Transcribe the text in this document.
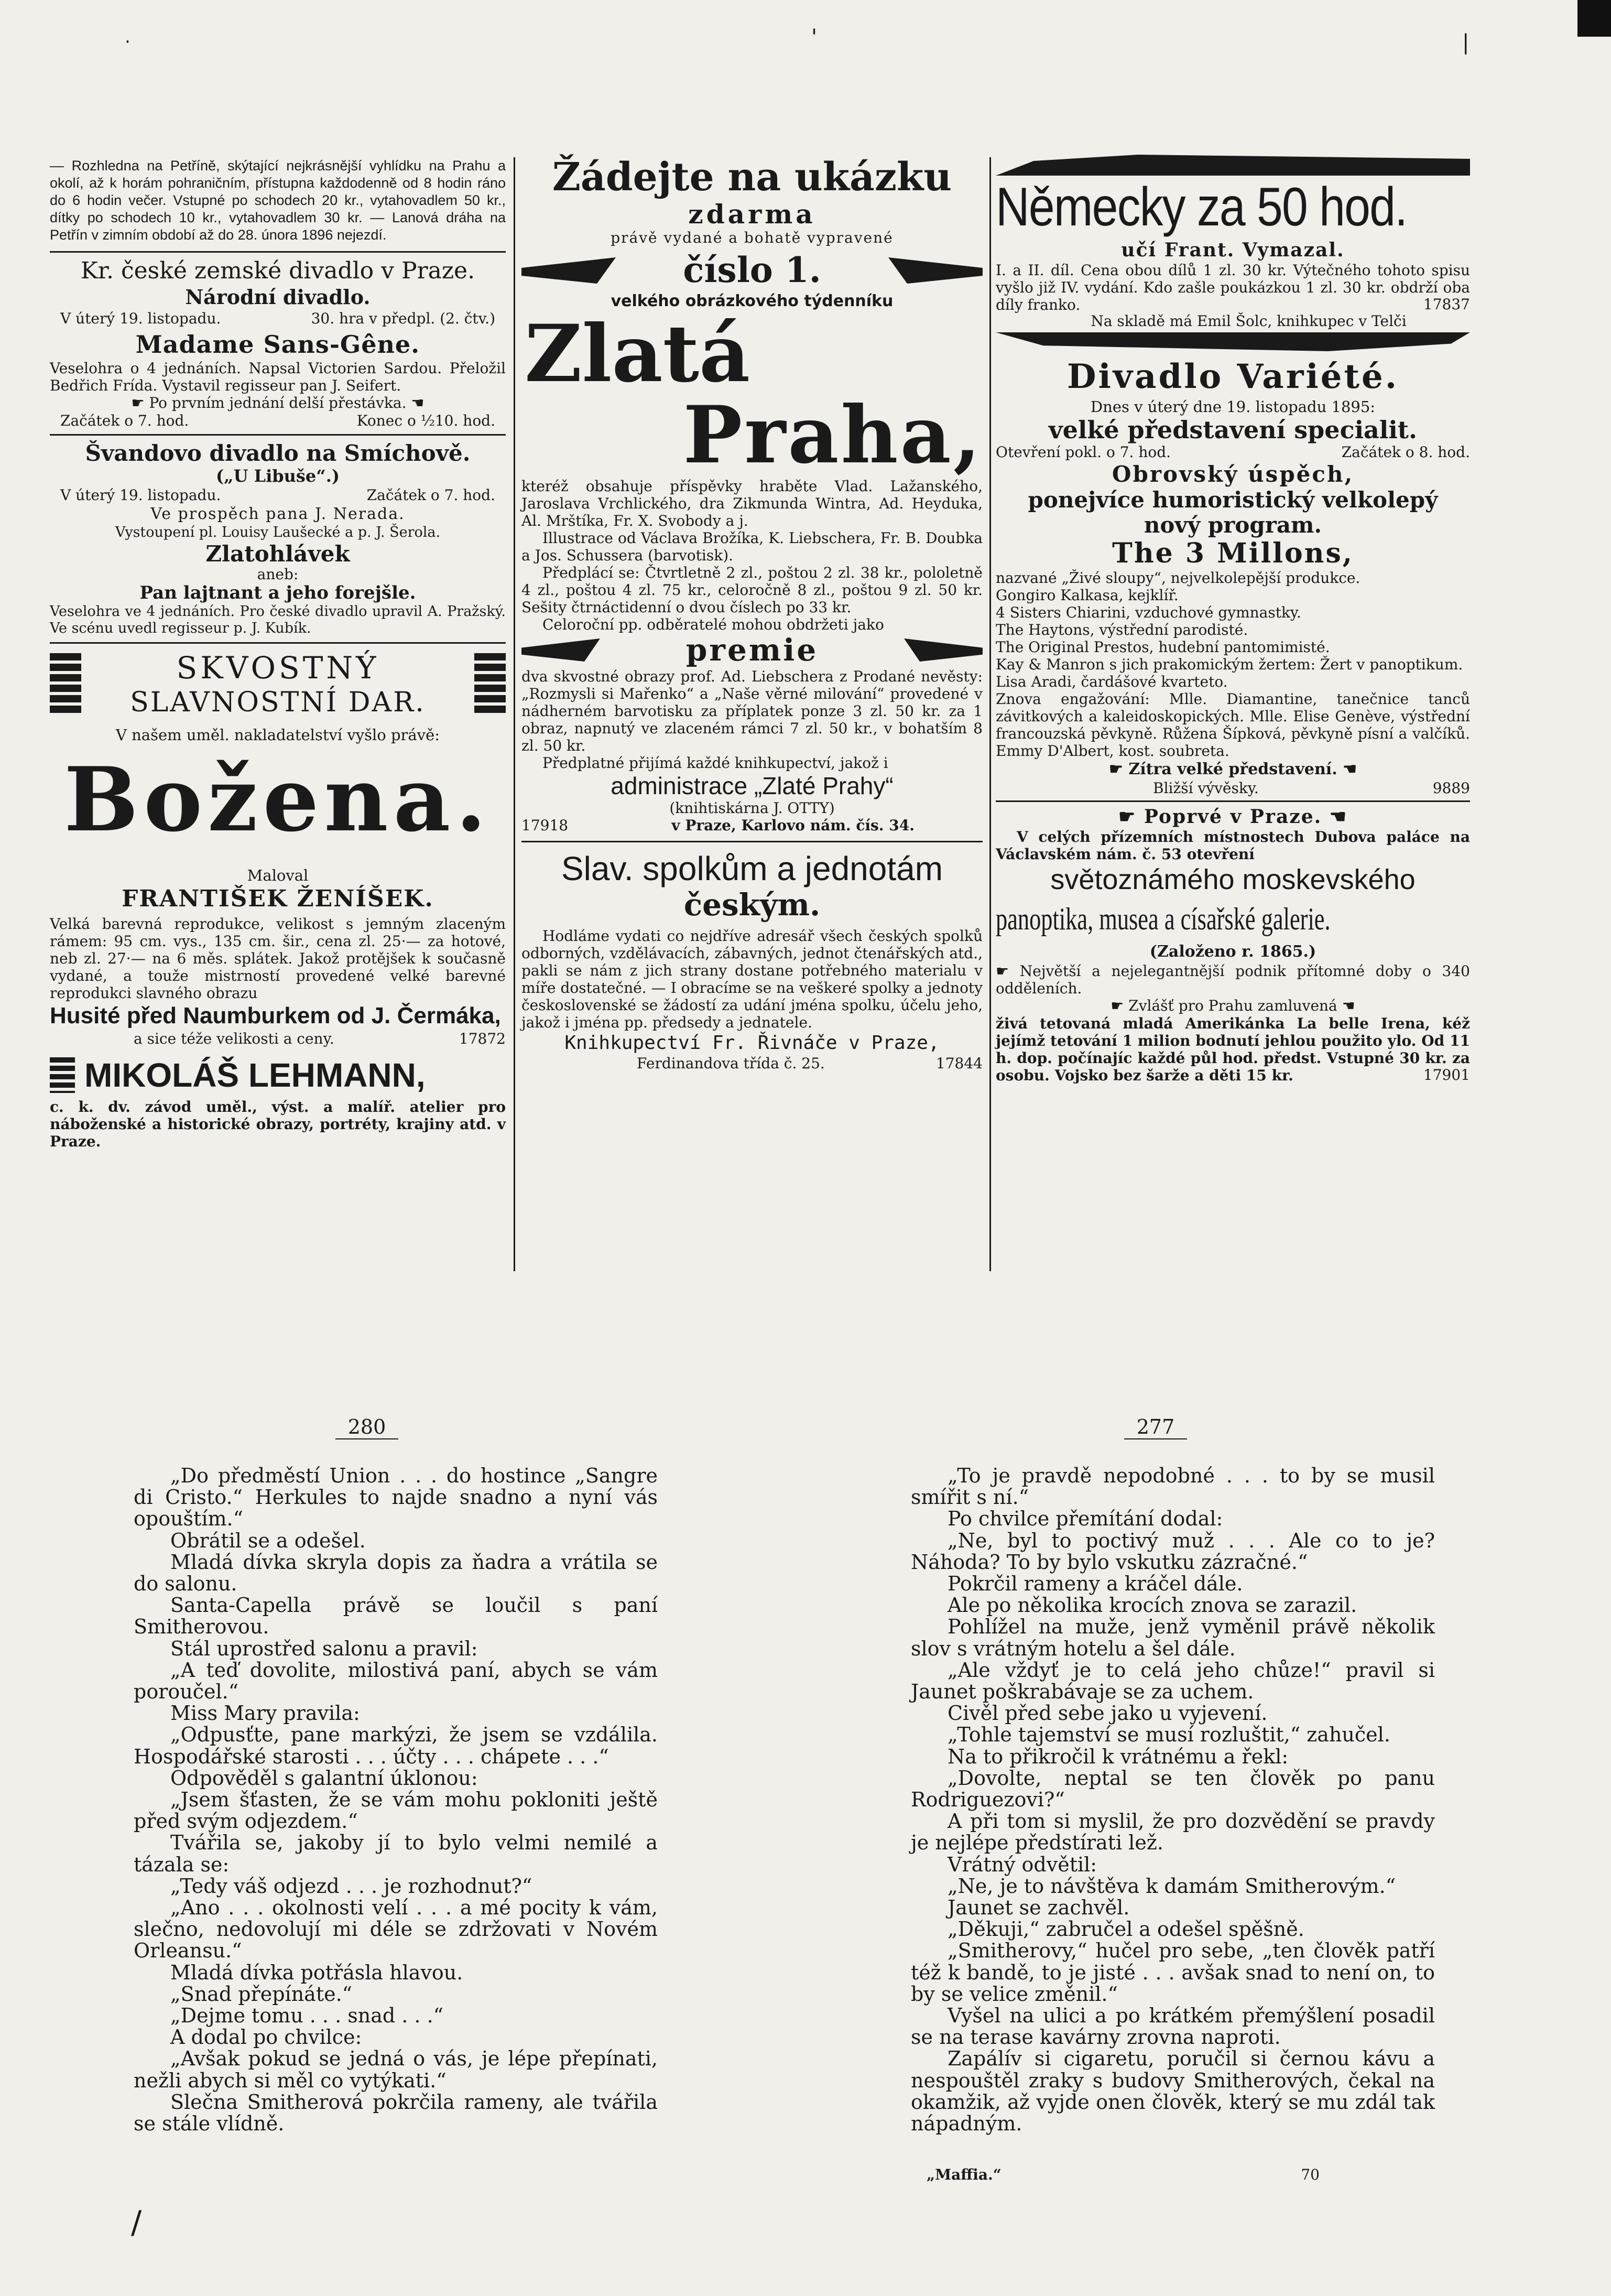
·	'	|
/

— Rozhledna na Petříně, skýtající nejkrásnější vyhlídku na Prahu a okolí, až k horám pohraničním, přístupna každodenně od 8 hodin ráno do 6 hodin večer. Vstupné po schodech 20 kr., vytahovadlem 50 kr., dítky po schodech 10 kr., vytahovadlem 30 kr. — Lanová dráha na Petřín v zimním období až do 28. února 1896 nejezdí.

Kr. české zemské divadlo v Praze.
Národní divadlo.
V úterý 19. listopadu.	30. hra v předpl. (2. čtv.)
Madame Sans-Gêne.

Veselohra o 4 jednáních. Napsal Victorien Sardou. Přeložil Bedřich Frída. Vystavil regisseur pan J. Seifert.

☛ Po prvním jednání delší přestávka. ☚
Začátek o 7. hod.	Konec o ½10. hod.
Švandovo divadlo na Smíchově.
(„U Libuše“.)
V úterý 19. listopadu.	Začátek o 7. hod.
Ve prospěch pana J. Nerada.
Vystoupení pl. Louisy Laušecké a p. J. Šerola.
Zlatohlávek
aneb:
Pan lajtnant a jeho forejšle.

Veselohra ve 4 jednáních. Pro české divadlo upravil A. Pražský. Ve scénu uvedl regisseur p. J. Kubík.

SKVOSTNÝ
SLAVNOSTNÍ DAR.
V našem uměl. nakladatelství vyšlo právě:
Božena.
Maloval
FRANTIŠEK ŽENÍŠEK.

Velká barevná reprodukce, velikost s jemným zlaceným rámem: 95 cm. vys., 135 cm. šir., cena zl. 25·— za hotové, neb zl. 27·— na 6 měs. splátek. Jakož protějšek k současně vydané, a touže mistrností provedené velké barevné reprodukci slavného obrazu

Husité před Naumburkem od J. Čermáka,
a sice téže velikosti a ceny.	17872
MIKOLÁŠ LEHMANN,

c. k. dv. závod uměl., výst. a malíř. atelier pro náboženské a historické obrazy, portréty, krajiny atd. v Praze.

Žádejte na ukázku
zdarma
právě vydané a bohatě vypravené
číslo 1.
velkého obrázkového týdenníku
Zlatá
Praha,

kteréž obsahuje příspěvky hraběte Vlad. Lažanského, Jaroslava Vrchlického, dra Zikmunda Wintra, Ad. Heyduka, Al. Mrštíka, Fr. X. Svobody a j.

Illustrace od Václava Brožíka, K. Liebschera, Fr. B. Doubka a Jos. Schussera (barvotisk).

Předplácí se: Čtvrtletně 2 zl., poštou 2 zl. 38 kr., pololetně 4 zl., poštou 4 zl. 75 kr., celoročně 8 zl., poštou 9 zl. 50 kr. Sešity čtrnáctidenní o dvou číslech po 33 kr.

Celoroční pp. odběratelé mohou obdržeti jako

premie

dva skvostné obrazy prof. Ad. Liebschera z Prodané nevěsty: „Rozmysli si Mařenko“ a „Naše věrné milování“ provedené v nádherném barvotisku za příplatek ponze 3 zl. 50 kr. za 1 obraz, napnutý ve zlaceném rámci 7 zl. 50 kr., v bohatším 8 zl. 50 kr.

Předplatné přijímá každé knihkupectví, jakož i

administrace „Zlaté Prahy“
(knihtiskárna J. OTTY)
17918	v Praze, Karlovo nám. čís. 34.
Slav. spolkům a jednotám
českým.

Hodláme vydati co nejdříve adresář všech českých spolků odborných, vzdělávacích, zábavných, jednot čtenářských atd., pakli se nám z jich strany dostane potřebného materialu v míře dostatečné. — I obracíme se na veškeré spolky a jednoty československé se žádostí za udání jména spolku, účelu jeho, jakož i jména pp. předsedy a jednatele.

Knihkupectví Fr. Řivnáče v Praze,
Ferdinandova třída č. 25.	17844
Německy za 50 hod.
učí Frant. Vymazal.

I. a II. díl. Cena obou dílů 1 zl. 30 kr. Výtečného tohoto spisu vyšlo již IV. vydání. Kdo zašle poukázkou 1 zl. 30 kr. obdrží oba díly franko.	17837
Na skladě má Emil Šolc, knihkupec v Telči
Divadlo Variété.
Dnes v úterý dne 19. listopadu 1895:
velké představení specialit.
Otevření pokl. o 7. hod.	Začátek o 8. hod.
Obrovský úspěch,
ponejvíce humoristický velkolepý
nový program.
The 3 Millons,

nazvané „Živé sloupy“, nejvelkolepější produkce.

Gongiro Kalkasa, kejklíř.

4 Sisters Chiarini, vzduchové gymnastky.

The Haytons, výstřední parodisté.

The Original Prestos, hudební pantomimisté.

Kay & Manron s jich prakomickým žertem: Žert v panoptikum.

Lisa Aradi, čardášové kvarteto.

Znova engažování: Mlle. Diamantine, tanečnice tanců závitkových a kaleidoskopických. Mlle. Elise Genève, výstřední francouzská pěvkyně. Růžena Šípková, pěvkyně písní a valčíků. Emmy D'Albert, kost. soubreta.

☛ Zítra velké představení. ☚
Bližší vývěsky.	9889
☛ Poprvé v Praze. ☚

V celých přízemních místnostech Dubova paláce na Václavském nám. č. 53 otevření

světoznámého moskevského
panoptika, musea a císařské galerie.
(Založeno r. 1865.)

☛ Největší a nejelegantnější podnik přítomné doby o 340 odděleních.

☛ Zvlášť pro Prahu zamluvená ☚

živá tetovaná mladá Amerikánka La belle Irena, kéž jejímž tetování 1 milion bodnutí jehlou použito ylo. Od 11 h. dop. počínajíc každé půl hod. předst. Vstupné 30 kr. za osobu. Vojsko bez šarže a děti 15 kr.	17901
280

„Do předměstí Union . . . do hostince „Sangre di Cristo.“ Herkules to najde snadno a nyní vás opouštím.“

Obrátil se a odešel.

Mladá dívka skryla dopis za ňadra a vrátila se do salonu.

Santa-Capella právě se loučil s paní Smitherovou.

Stál uprostřed salonu a pravil:

„A teď dovolite, milostivá paní, abych se vám poroučel.“

Miss Mary pravila:

„Odpusťte, pane markýzi, že jsem se vzdálila. Hospodářské starosti . . . účty . . . chápete . . .“

Odpověděl s galantní úklonou:

„Jsem šťasten, že se vám mohu pokloniti ještě před svým odjezdem.“

Tvářila se, jakoby jí to bylo velmi nemilé a tázala se:

„Tedy váš odjezd . . . je rozhodnut?“

„Ano . . . okolnosti velí . . . a mé pocity k vám, slečno, nedovolují mi déle se zdržovati v Novém Orleansu.“

Mladá dívka potřásla hlavou.

„Snad přepínáte.“

„Dejme tomu . . . snad . . .“

A dodal po chvilce:

„Avšak pokud se jedná o vás, je lépe přepínati, nežli abych si měl co vytýkati.“

Slečna Smitherová pokrčila rameny, ale tvářila se stále vlídně.

277

„To je pravdě nepodobné . . . to by se musil smířit s ní.“

Po chvilce přemítání dodal:

„Ne, byl to poctivý muž . . . Ale co to je? Náhoda? To by bylo vskutku zázračné.“

Pokrčil rameny a kráčel dále.

Ale po několika krocích znova se zarazil.

Pohlížel na muže, jenž vyměnil právě několik slov s vrátným hotelu a šel dále.

„Ale vždyť je to celá jeho chůze!“ pravil si Jaunet poškrabávaje se za uchem.

Civěl před sebe jako u vyjevení.

„Tohle tajemství se musí rozluštit,“ zahučel.

Na to přikročil k vrátnému a řekl:

„Dovolte, neptal se ten člověk po panu Rodriguezovi?“

A při tom si myslil, že pro dozvědění se pravdy je nejlépe předstírati lež.

Vrátný odvětil:

„Ne, je to návštěva k damám Smitherovým.“

Jaunet se zachvěl.

„Děkuji,“ zabručel a odešel spěšně.

„Smitherovy,“ hučel pro sebe, „ten člověk patří též k bandě, to je jisté . . . avšak snad to není on, to by se velice změnil.“

Vyšel na ulici a po krátkém přemýšlení posadil se na terase kavárny zrovna naproti.

Zapálív si cigaretu, poručil si černou kávu a nespouštěl zraky s budovy Smitherových, čekal na okamžik, až vyjde onen člověk, který se mu zdál tak nápadným.

„Maffia.“	70
